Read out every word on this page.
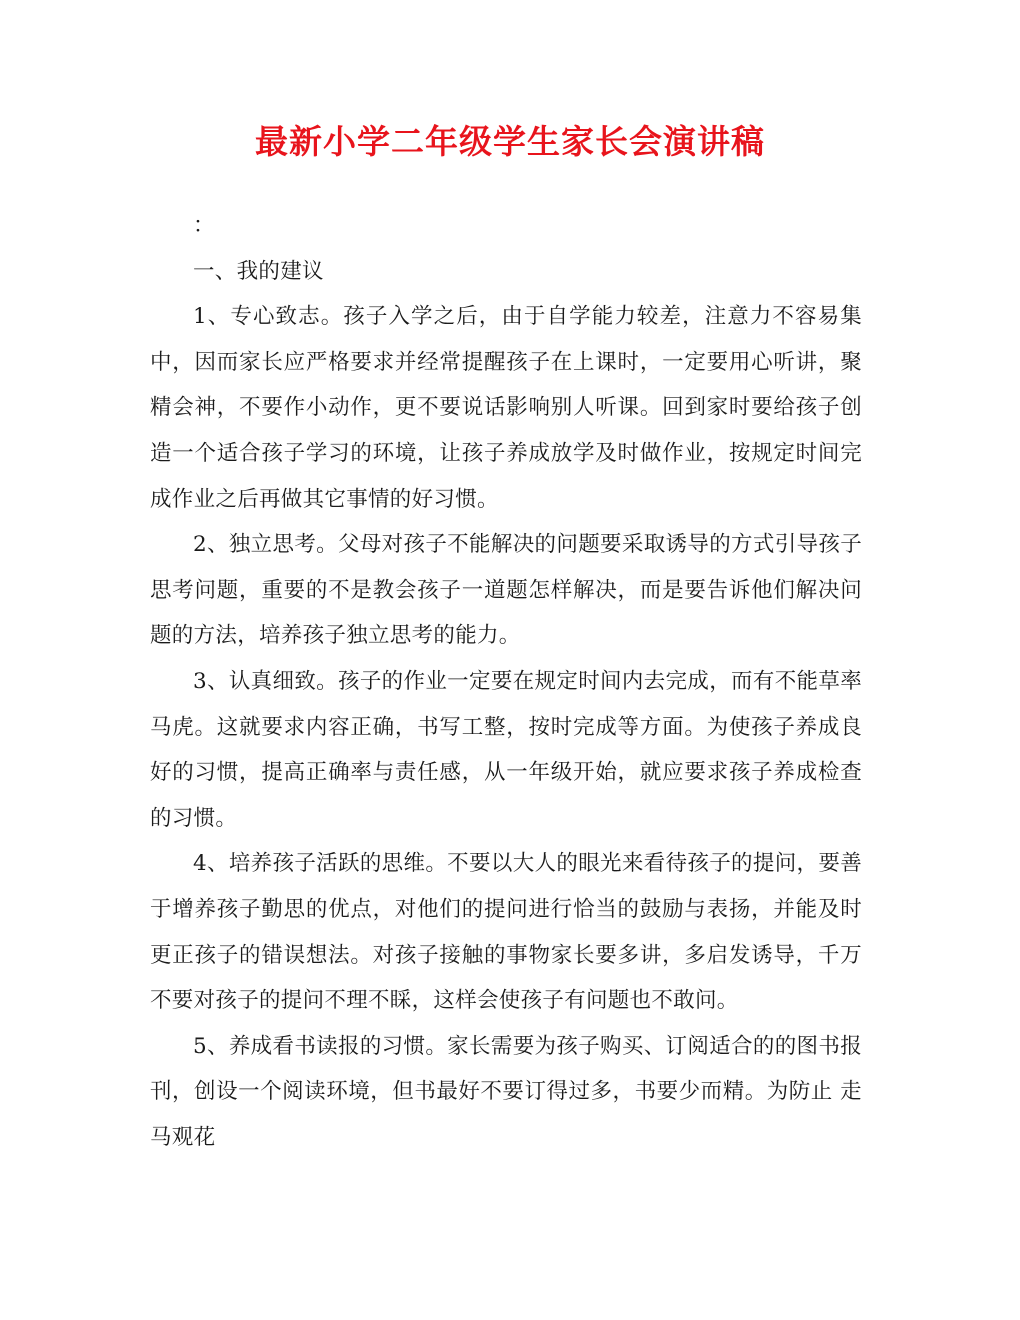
最新小学二年级学生家长会演讲稿

：

一、我的建议

1、专心致志。孩子入学之后，由于自学能力较差，注意力不容易集中，因而家长应严格要求并经常提醒孩子在上课时，一定要用心听讲，聚精会神，不要作小动作，更不要说话影响别人听课。回到家时要给孩子创造一个适合孩子学习的环境，让孩子养成放学及时做作业，按规定时间完成作业之后再做其它事情的好习惯。

2、独立思考。父母对孩子不能解决的问题要采取诱导的方式引导孩子思考问题，重要的不是教会孩子一道题怎样解决，而是要告诉他们解决问题的方法，培养孩子独立思考的能力。

3、认真细致。孩子的作业一定要在规定时间内去完成，而有不能草率马虎。这就要求内容正确，书写工整，按时完成等方面。为使孩子养成良好的习惯，提高正确率与责任感，从一年级开始，就应要求孩子养成检查的习惯。

4、培养孩子活跃的思维。不要以大人的眼光来看待孩子的提问，要善于增养孩子勤思的优点，对他们的提问进行恰当的鼓励与表扬，并能及时更正孩子的错误想法。对孩子接触的事物家长要多讲，多启发诱导，千万不要对孩子的提问不理不睬，这样会使孩子有问题也不敢问。

5、养成看书读报的习惯。家长需要为孩子购买、订阅适合的的图书报刊，创设一个阅读环境，但书最好不要订得过多，书要少而精。为防止 走马观花
